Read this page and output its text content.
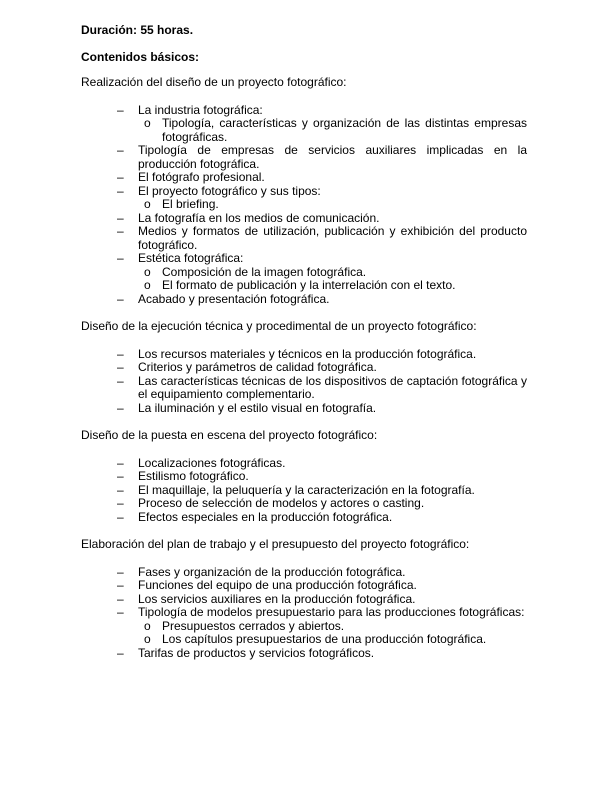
Duración: 55 horas.

Contenidos básicos:

Realización del diseño de un proyecto fotográfico:

– La industria fotográfica:
o Tipología, características y organización de las distintas empresas fotográficas.
– Tipología de empresas de servicios auxiliares implicadas en la producción fotográfica.
– El fotógrafo profesional.
– El proyecto fotográfico y sus tipos:
o El briefing.
– La fotografía en los medios de comunicación.
– Medios y formatos de utilización, publicación y exhibición del producto fotográfico.
– Estética fotográfica:
o Composición de la imagen fotográfica.
o El formato de publicación y la interrelación con el texto.
– Acabado y presentación fotográfica.

Diseño de la ejecución técnica y procedimental de un proyecto fotográfico:

– Los recursos materiales y técnicos en la producción fotográfica.
– Criterios y parámetros de calidad fotográfica.
– Las características técnicas de los dispositivos de captación fotográfica y el equipamiento complementario.
– La iluminación y el estilo visual en fotografía.

Diseño de la puesta en escena del proyecto fotográfico:

– Localizaciones fotográficas.
– Estilismo fotográfico.
– El maquillaje, la peluquería y la caracterización en la fotografía.
– Proceso de selección de modelos y actores o casting.
– Efectos especiales en la producción fotográfica.

Elaboración del plan de trabajo y el presupuesto del proyecto fotográfico:

– Fases y organización de la producción fotográfica.
– Funciones del equipo de una producción fotográfica.
– Los servicios auxiliares en la producción fotográfica.
– Tipología de modelos presupuestario para las producciones fotográficas:
o Presupuestos cerrados y abiertos.
o Los capítulos presupuestarios de una producción fotográfica.
– Tarifas de productos y servicios fotográficos.
